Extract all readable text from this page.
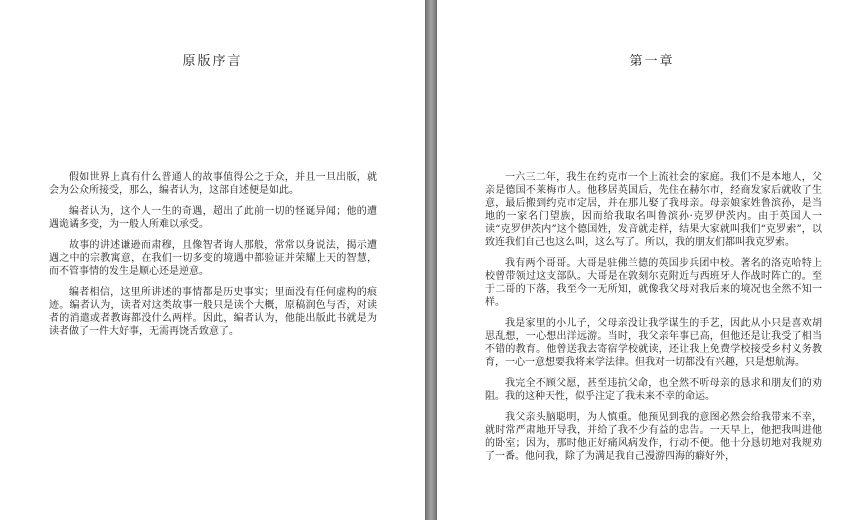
原版序言

假如世界上真有什么普通人的故事值得公之于众，并且一旦出版，就会为公众所接受，那么，编者认为，这部自述便是如此。

编者认为，这个人一生的奇遇，超出了此前一切的怪诞异闻；他的遭遇诡谲多变，为一般人所难以承受。

故事的讲述谦逊而肃穆，且像智者询人那般，常常以身说法，揭示遭遇之中的宗教寓意，在我们一切多变的境遇中都验证并荣耀上天的智慧，而不管事情的发生是顺心还是逆意。

编者相信，这里所讲述的事情都是历史事实；里面没有任何虚构的痕迹。编者认为，读者对这类故事一般只是读个大概，原稿润色与否，对读者的消遣或者教诲都没什么两样。因此，编者认为，他能出版此书就是为读者做了一件大好事，无需再饶舌致意了。

第一章

一六三二年，我生在约克市一个上流社会的家庭。我们不是本地人，父亲是德国不莱梅市人。他移居英国后，先住在赫尔市，经商发家后就收了生意，最后搬到约克市定居，并在那儿娶了我母亲。母亲娘家姓鲁滨孙，是当地的一家名门望族，因而给我取名叫鲁滨孙·克罗伊茨内。由于英国人一读“克罗伊茨内”这个德国姓，发音就走样，结果大家就叫我们“克罗索”，以致连我们自己也这么叫，这么写了。所以，我的朋友们都叫我克罗索。

我有两个哥哥。大哥是驻佛兰德的英国步兵团中校。著名的洛克哈特上校曾带领过这支部队。大哥是在敦刻尔克附近与西班牙人作战时阵亡的。至于二哥的下落，我至今一无所知，就像我父母对我后来的境况也全然不知一样。

我是家里的小儿子，父母亲没让我学谋生的手艺，因此从小只是喜欢胡思乱想，一心想出洋远游。当时，我父亲年事已高，但他还是让我受了相当不错的教育。他曾送我去寄宿学校就读，还让我上免费学校接受乡村义务教育，一心一意想要我将来学法律。但我对一切都没有兴趣，只是想航海。

我完全不顾父愿，甚至违抗父命，也全然不听母亲的恳求和朋友们的劝阻。我的这种天性，似乎注定了我未来不幸的命运。

我父亲头脑聪明，为人慎重。他预见到我的意图必然会给我带来不幸，就时常严肃地开导我，并给了我不少有益的忠告。一天早上，他把我叫进他的卧室；因为，那时他正好痛风病发作，行动不便。他十分恳切地对我规劝了一番。他问我，除了为满足我自己漫游四海的癖好外，
